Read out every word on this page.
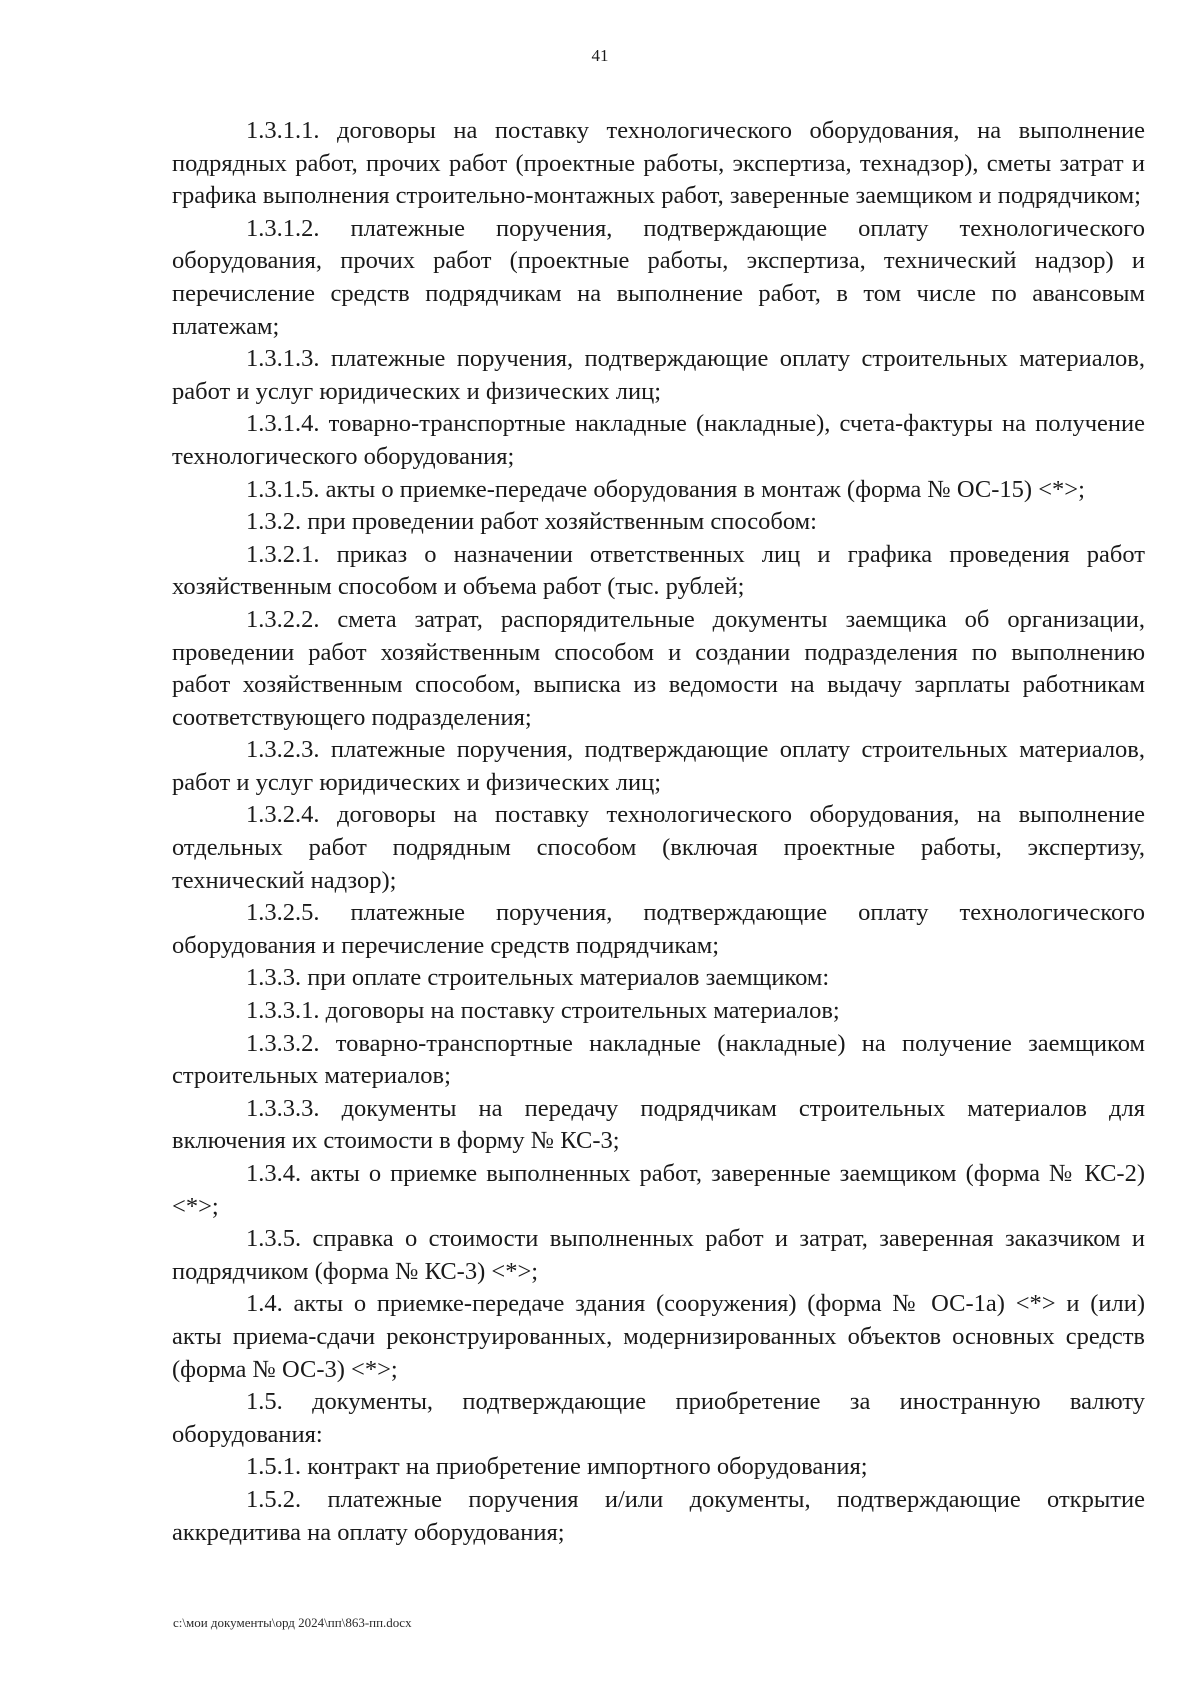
41

1.3.1.1. договоры на поставку технологического оборудования, на выполнение подрядных работ, прочих работ (проектные работы, экспертиза, технадзор), сметы затрат и графика выполнения строительно-монтажных работ, заверенные заемщиком и подрядчиком;

1.3.1.2. платежные поручения, подтверждающие оплату технологического оборудования, прочих работ (проектные работы, экспертиза, технический надзор) и перечисление средств подрядчикам на выполнение работ, в том числе по авансовым платежам;

1.3.1.3. платежные поручения, подтверждающие оплату строительных материалов, работ и услуг юридических и физических лиц;

1.3.1.4. товарно-транспортные накладные (накладные), счета-фактуры на получение технологического оборудования;

1.3.1.5. акты о приемке-передаче оборудования в монтаж (форма № ОС-15) <*>;

1.3.2. при проведении работ хозяйственным способом:

1.3.2.1. приказ о назначении ответственных лиц и графика проведения работ хозяйственным способом и объема работ (тыс. рублей;

1.3.2.2. смета затрат, распорядительные документы заемщика об организации, проведении работ хозяйственным способом и создании подразделения по выполнению работ хозяйственным способом, выписка из ведомости на выдачу зарплаты работникам соответствующего подразделения;

1.3.2.3. платежные поручения, подтверждающие оплату строительных материалов, работ и услуг юридических и физических лиц;

1.3.2.4. договоры на поставку технологического оборудования, на выполнение отдельных работ подрядным способом (включая проектные работы, экспертизу, технический надзор);

1.3.2.5. платежные поручения, подтверждающие оплату технологического оборудования и перечисление средств подрядчикам;

1.3.3. при оплате строительных материалов заемщиком:

1.3.3.1. договоры на поставку строительных материалов;

1.3.3.2. товарно-транспортные накладные (накладные) на получение заемщиком строительных материалов;

1.3.3.3. документы на передачу подрядчикам строительных материалов для включения их стоимости в форму № КС-3;

1.3.4. акты о приемке выполненных работ, заверенные заемщиком (форма № КС-2) <*>;

1.3.5. справка о стоимости выполненных работ и затрат, заверенная заказчиком и подрядчиком (форма № КС-3) <*>;

1.4. акты о приемке-передаче здания (сооружения) (форма № ОС-1а) <*> и (или) акты приема-сдачи реконструированных, модернизированных объектов основных средств (форма № ОС-3) <*>;

1.5. документы, подтверждающие приобретение за иностранную валюту оборудования:

1.5.1. контракт на приобретение импортного оборудования;

1.5.2. платежные поручения и/или документы, подтверждающие открытие аккредитива на оплату оборудования;

c:\мои документы\орд 2024\пп\863-пп.docx
